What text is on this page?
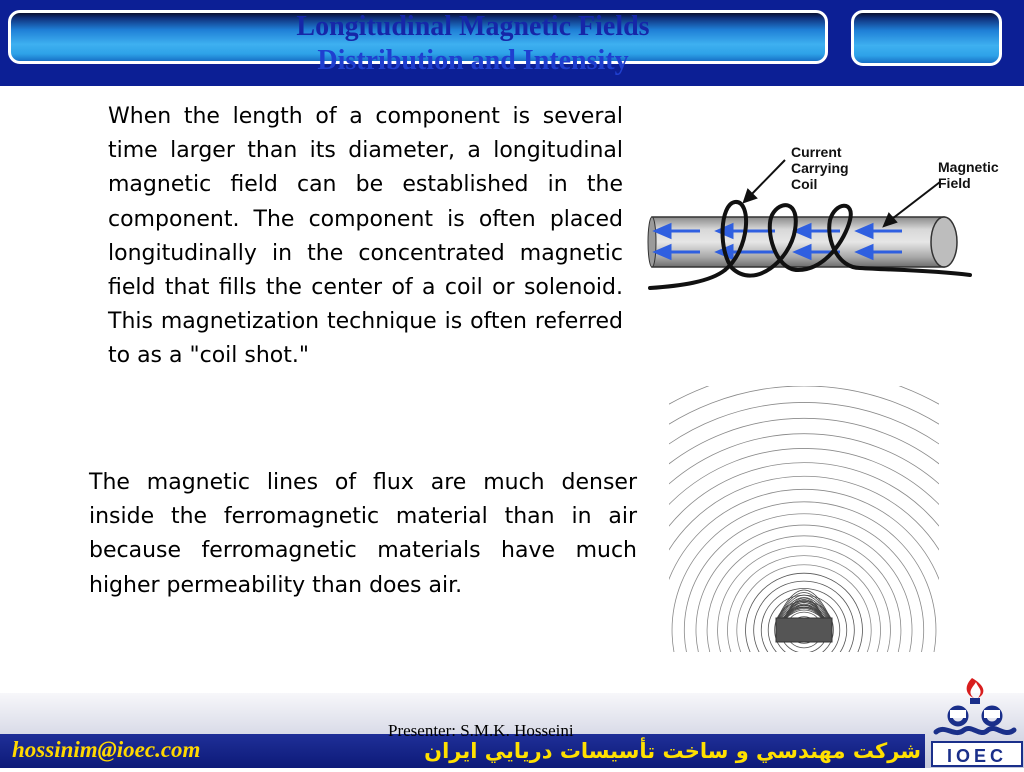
Longitudinal Magnetic Fields
Distribution and Intensity

When the length of a component is several time larger than its diameter, a longitudinal magnetic field can be established in the component. The component is often placed longitudinally in the concentrated magnetic field that fills the center of a coil or solenoid. This magnetization technique is often referred to as a "coil shot."

The magnetic lines of flux are much denser inside the ferromagnetic material than in air because ferromagnetic materials have much higher permeability than does air.

Current
Carrying
Coil
Magnetic
Field

hossinim@ioec.com

Presenter: S.M.K. Hosseini

شركت مهندسي و ساخت تأسيسات دريايي ايران IOEC
